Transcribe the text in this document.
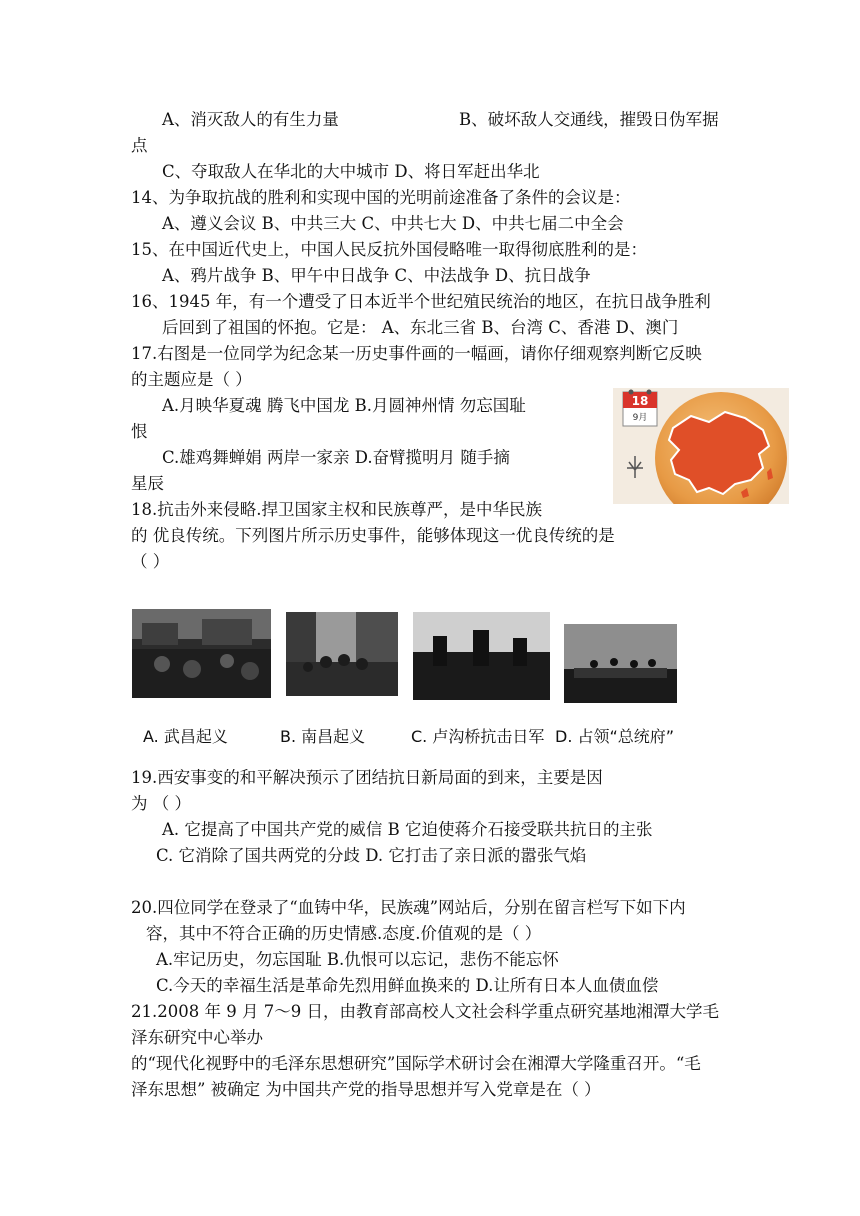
A、消灭敌人的有生力量	B、破坏敌人交通线，摧毁日伪军据
点
C、夺取敌人在华北的大中城市 D、将日军赶出华北
14、为争取抗战的胜利和实现中国的光明前途准备了条件的会议是：
A、遵义会议 B、中共三大 C、中共七大 D、中共七届二中全会
15、在中国近代史上，中国人民反抗外国侵略唯一取得彻底胜利的是：
A、鸦片战争 B、甲午中日战争 C、中法战争 D、抗日战争
16、1945 年，有一个遭受了日本近半个世纪殖民统治的地区，在抗日战争胜利
后回到了祖国的怀抱。它是： A、东北三省 B、台湾 C、香港 D、澳门
17.右图是一位同学为纪念某一历史事件画的一幅画，请你仔细观察判断它反映
的主题应是（ ）
A.月映华夏魂 腾飞中国龙 B.月圆神州情 勿忘国耻
恨
C.雄鸡舞蝉娟 两岸一家亲 D.奋臂揽明月 随手摘
星辰
18
9月
18.抗击外来侵略.捍卫国家主权和民族尊严，是中华民族
的 优良传统。下列图片所示历史事件，能够体现这一优良传统的是
（ ）
A. 武昌起义	B. 南昌起义	C. 卢沟桥抗击日军 D. 占领“总统府”
19.西安事变的和平解决预示了团结抗日新局面的到来，主要是因
为 （ ）
A. 它提高了中国共产党的威信 B 它迫使蒋介石接受联共抗日的主张
C. 它消除了国共两党的分歧 D. 它打击了亲日派的嚣张气焰
20.四位同学在登录了“血铸中华，民族魂”网站后，分别在留言栏写下如下内
容，其中不符合正确的历史情感.态度.价值观的是（ ）
A.牢记历史，勿忘国耻 B.仇恨可以忘记，悲伤不能忘怀
C.今天的幸福生活是革命先烈用鲜血换来的 D.让所有日本人血债血偿
21.2008 年 9 月 7～9 日，由教育部高校人文社会科学重点研究基地湘潭大学毛
泽东研究中心举办
的“现代化视野中的毛泽东思想研究”国际学术研讨会在湘潭大学隆重召开。“毛
泽东思想” 被确定 为中国共产党的指导思想并写入党章是在（ ）
